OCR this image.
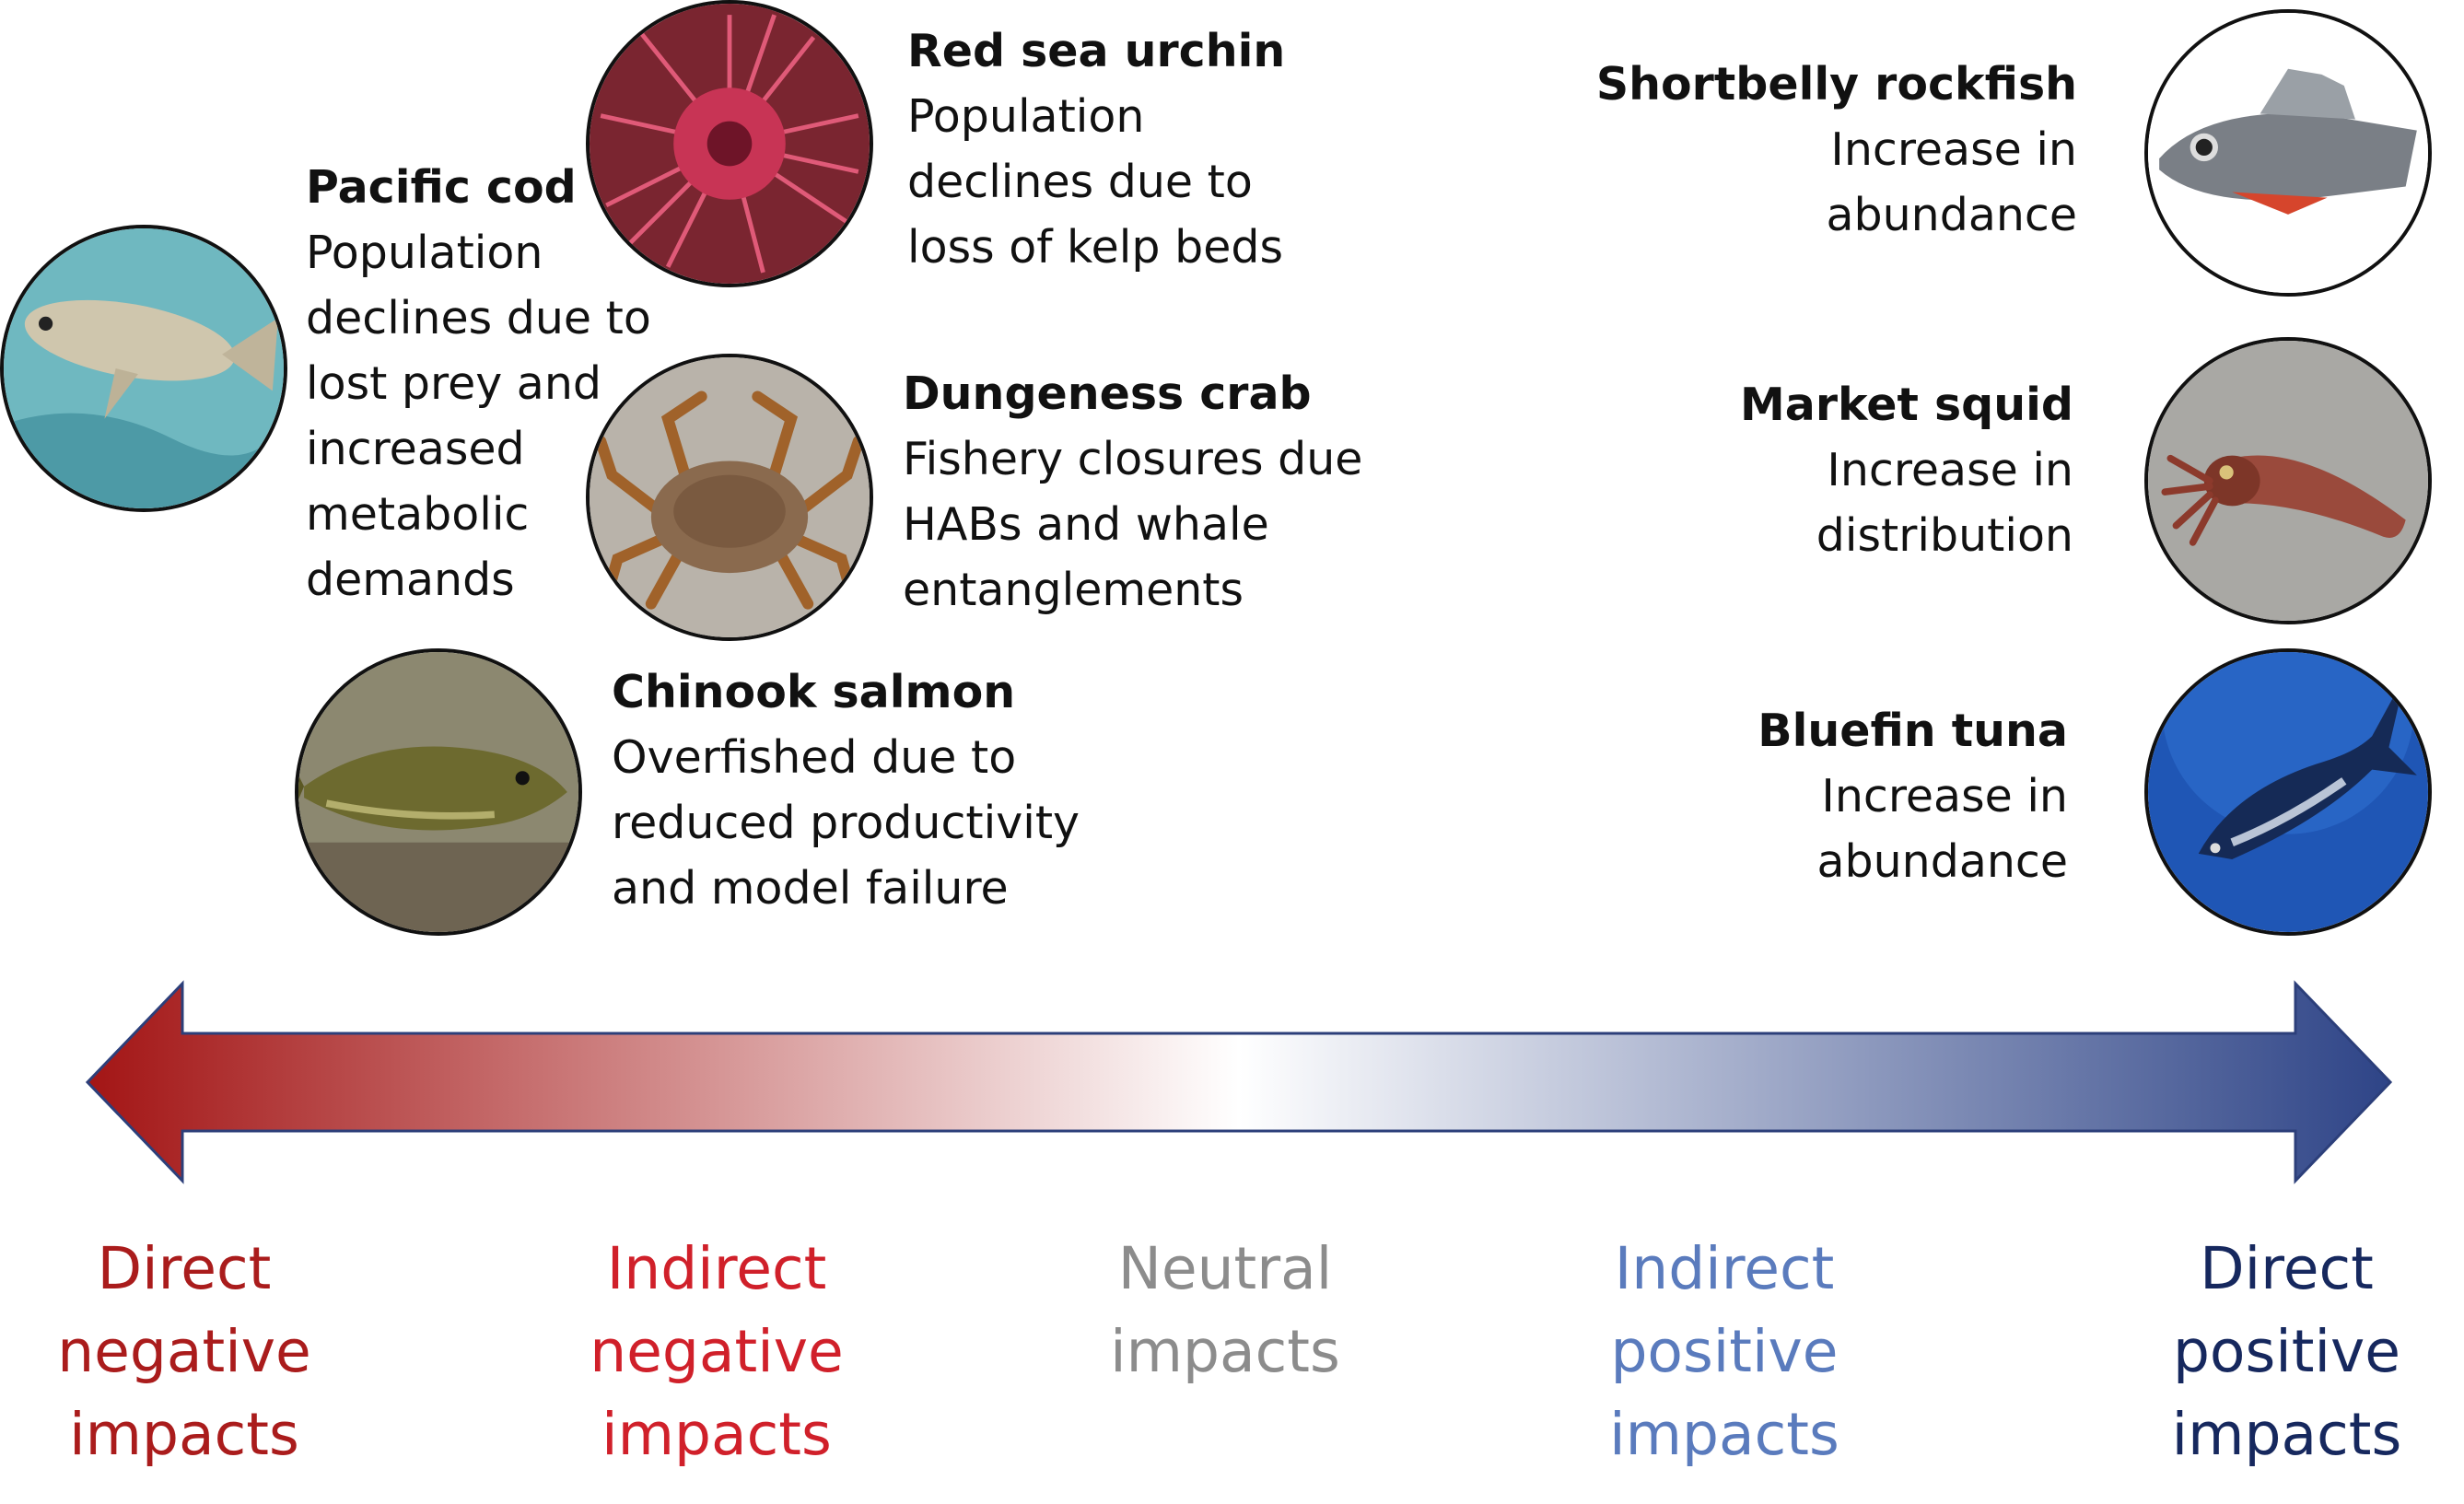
Pacific cod
Population
declines due to
lost prey and
increased
metabolic
demands
Red sea urchin
Population
declines due to
loss of kelp beds
Dungeness crab
Fishery closures due
HABs and whale
entanglements
Chinook salmon
Overfished due to
reduced productivity
and model failure
Shortbelly rockfish
Increase in
abundance
Market squid
Increase in
distribution
Bluefin tuna
Increase in
abundance
Direct
negative
impacts
Indirect
negative
impacts
Neutral
impacts
Indirect
positive
impacts
Direct
positive
impacts
